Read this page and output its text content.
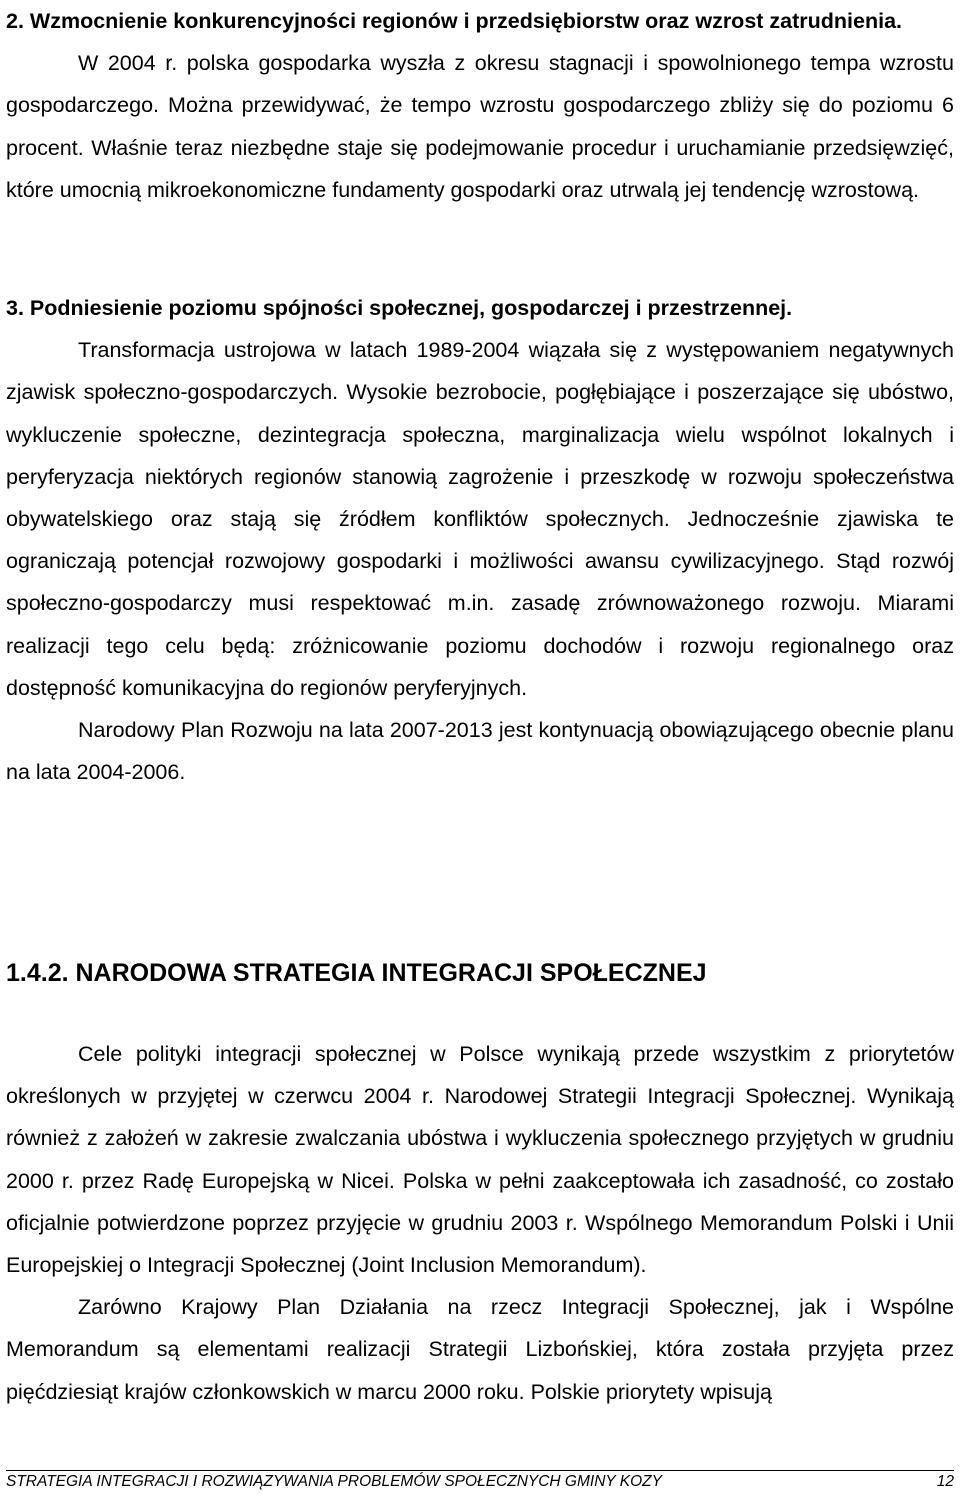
2. Wzmocnienie konkurencyjności regionów i przedsiębiorstw oraz wzrost zatrudnienia.

W 2004 r. polska gospodarka wyszła z okresu stagnacji i spowolnionego tempa wzrostu gospodarczego. Można przewidywać, że tempo wzrostu gospodarczego zbliży się do poziomu 6 procent. Właśnie teraz niezbędne staje się podejmowanie procedur i uruchamianie przedsięwzięć, które umocnią mikroekonomiczne fundamenty gospodarki oraz utrwalą jej tendencję wzrostową.

3. Podniesienie poziomu spójności społecznej, gospodarczej i przestrzennej.

Transformacja ustrojowa w latach 1989-2004 wiązała się z występowaniem negatywnych zjawisk społeczno-gospodarczych. Wysokie bezrobocie, pogłębiające i poszerzające się ubóstwo, wykluczenie społeczne, dezintegracja społeczna, marginalizacja wielu wspólnot lokalnych i peryferyzacja niektórych regionów stanowią zagrożenie i przeszkodę w rozwoju społeczeństwa obywatelskiego oraz stają się źródłem konfliktów społecznych. Jednocześnie zjawiska te ograniczają potencjał rozwojowy gospodarki i możliwości awansu cywilizacyjnego. Stąd rozwój społeczno-gospodarczy musi respektować m.in. zasadę zrównoważonego rozwoju. Miarami realizacji tego celu będą: zróżnicowanie poziomu dochodów i rozwoju regionalnego oraz dostępność komunikacyjna do regionów peryferyjnych.

Narodowy Plan Rozwoju na lata 2007-2013 jest kontynuacją obowiązującego obecnie planu na lata 2004-2006.

1.4.2. NARODOWA STRATEGIA INTEGRACJI SPOŁECZNEJ

Cele polityki integracji społecznej w Polsce wynikają przede wszystkim z priorytetów określonych w przyjętej w czerwcu 2004 r. Narodowej Strategii Integracji Społecznej. Wynikają również z założeń w zakresie zwalczania ubóstwa i wykluczenia społecznego przyjętych w grudniu 2000 r. przez Radę Europejską w Nicei. Polska w pełni zaakceptowała ich zasadność, co zostało oficjalnie potwierdzone poprzez przyjęcie w grudniu 2003 r. Wspólnego Memorandum Polski i Unii Europejskiej o Integracji Społecznej (Joint Inclusion Memorandum).

Zarówno Krajowy Plan Działania na rzecz Integracji Społecznej, jak i Wspólne Memorandum są elementami realizacji Strategii Lizbońskiej, która została przyjęta przez pięćdziesiąt krajów członkowskich w marcu 2000 roku. Polskie priorytety wpisują

STRATEGIA INTEGRACJI I ROZWIĄZYWANIA PROBLEMÓW SPOŁECZNYCH GMINY KOZY	12
